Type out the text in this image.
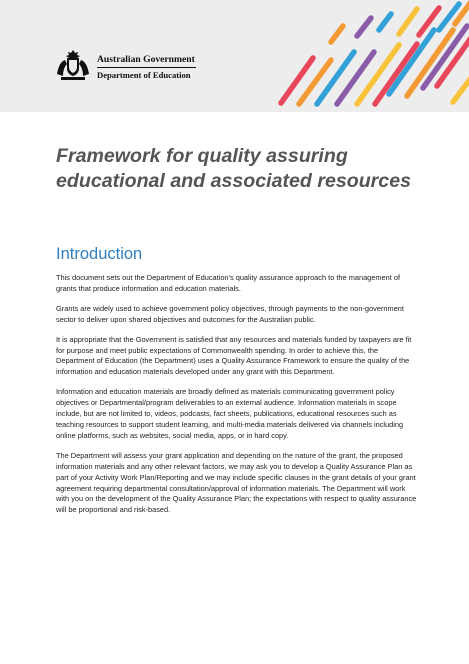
Australian Government
Department of Education
Framework for quality assuring educational and associated resources
Introduction

This document sets out the Department of Education's quality assurance approach to the management of grants that produce information and education materials.

Grants are widely used to achieve government policy objectives, through payments to the non-government sector to deliver upon shared objectives and outcomes for the Australian public.

It is appropriate that the Government is satisfied that any resources and materials funded by taxpayers are fit for purpose and meet public expectations of Commonwealth spending. In order to achieve this, the Department of Education (the Department) uses a Quality Assurance Framework to ensure the quality of the information and education materials developed under any grant with this Department.

Information and education materials are broadly defined as materials communicating government policy objectives or Departmental/program deliverables to an external audience. Information materials in scope include, but are not limited to, videos, podcasts, fact sheets, publications, educational resources such as teaching resources to support student learning, and multi-media materials delivered via channels including online platforms, such as websites, social media, apps, or in hard copy.

The Department will assess your grant application and depending on the nature of the grant, the proposed information materials and any other relevant factors, we may ask you to develop a Quality Assurance Plan as part of your Activity Work Plan/Reporting and we may include specific clauses in the grant details of your grant agreement requiring departmental consultation/approval of information materials. The Department will work with you on the development of the Quality Assurance Plan; the expectations with respect to quality assurance will be proportional and risk-based.
